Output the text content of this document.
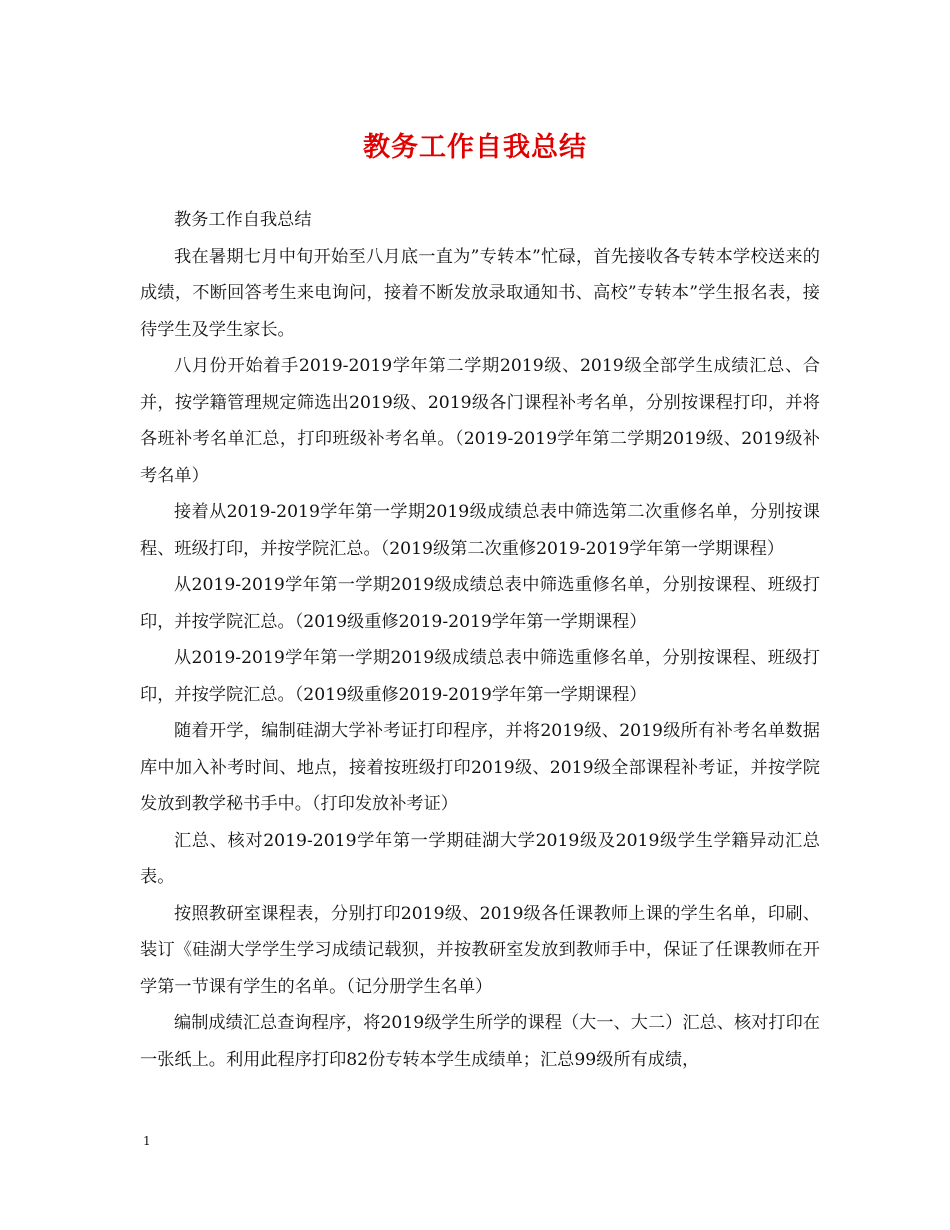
教务工作自我总结

教务工作自我总结

我在暑期七月中旬开始至八月底一直为”专转本”忙碌，首先接收各专转本学校送来的成绩，不断回答考生来电询问，接着不断发放录取通知书、高校”专转本”学生报名表，接待学生及学生家长。

八月份开始着手2019-2019学年第二学期2019级、2019级全部学生成绩汇总、合并，按学籍管理规定筛选出2019级、2019级各门课程补考名单，分别按课程打印，并将各班补考名单汇总，打印班级补考名单。（2019-2019学年第二学期2019级、2019级补考名单）

接着从2019-2019学年第一学期2019级成绩总表中筛选第二次重修名单，分别按课程、班级打印，并按学院汇总。（2019级第二次重修2019-2019学年第一学期课程）

从2019-2019学年第一学期2019级成绩总表中筛选重修名单，分别按课程、班级打印，并按学院汇总。（2019级重修2019-2019学年第一学期课程）

从2019-2019学年第一学期2019级成绩总表中筛选重修名单，分别按课程、班级打印，并按学院汇总。（2019级重修2019-2019学年第一学期课程）

随着开学，编制硅湖大学补考证打印程序，并将2019级、2019级所有补考名单数据库中加入补考时间、地点，接着按班级打印2019级、2019级全部课程补考证，并按学院发放到教学秘书手中。（打印发放补考证）

汇总、核对2019-2019学年第一学期硅湖大学2019级及2019级学生学籍异动汇总表。

按照教研室课程表，分别打印2019级、2019级各任课教师上课的学生名单，印刷、装订《硅湖大学学生学习成绩记载狈，并按教研室发放到教师手中，保证了任课教师在开学第一节课有学生的名单。（记分册学生名单）

编制成绩汇总查询程序，将2019级学生所学的课程（大一、大二）汇总、核对打印在一张纸上。利用此程序打印82份专转本学生成绩单；汇总99级所有成绩，

1
